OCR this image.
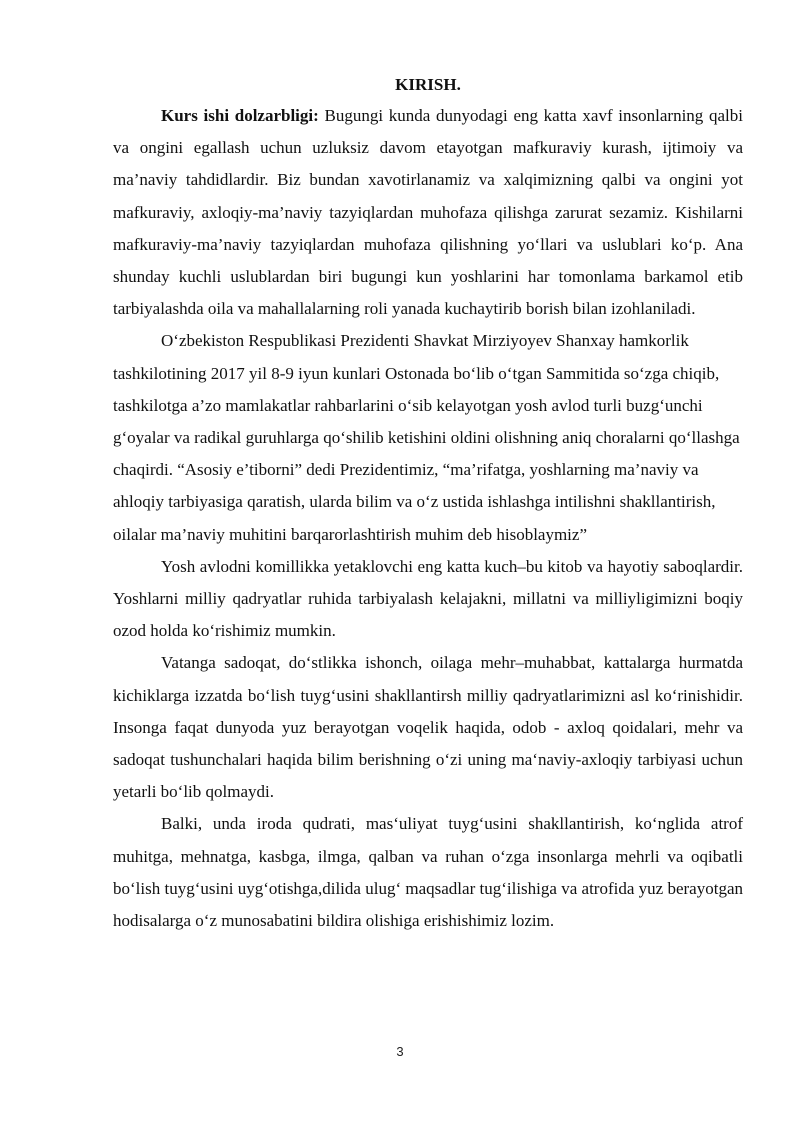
KIRISH.

Kurs ishi dolzarbligi: Bugungi kunda dunyodagi eng katta xavf insonlarning qalbi va ongini egallash uchun uzluksiz davom etayotgan mafkuraviy kurash, ijtimoiy va ma’naviy tahdidlardir. Biz bundan xavotirlanamiz va xalqimizning qalbi va ongini yot mafkuraviy, axloqiy-ma’naviy tazyiqlardan muhofaza qilishga zarurat sezamiz. Kishilarni mafkuraviy-ma’naviy tazyiqlardan muhofaza qilishning yo‘llari va uslublari ko‘p. Ana shunday kuchli uslublardan biri bugungi kun yoshlarini har tomonlama barkamol etib tarbiyalashda oila va mahallalarning roli yanada kuchaytirib borish bilan izohlaniladi.

O‘zbekiston Respublikasi Prezidenti Shavkat Mirziyoyev Shanxay hamkorlik tashkilotining 2017 yil 8-9 iyun kunlari Ostonada bo‘lib o‘tgan Sammitida so‘zga chiqib, tashkilotga a’zo mamlakatlar rahbarlarini o‘sib kelayotgan yosh avlod turli buzg‘unchi g‘oyalar va radikal guruhlarga qo‘shilib ketishini oldini olishning aniq choralarni qo‘llashga chaqirdi. “Asosiy e’tiborni” dedi Prezidentimiz, “ma’rifatga, yoshlarning ma’naviy va ahloqiy tarbiyasiga qaratish, ularda bilim va o‘z ustida ishlashga intilishni shakllantirish, oilalar ma’naviy muhitini barqarorlashtirish muhim deb hisoblaymiz”

Yosh avlodni komillikka yetaklovchi eng katta kuch–bu kitob va hayotiy saboqlardir. Yoshlarni milliy qadryatlar ruhida tarbiyalash kelajakni, millatni va milliyligimizni boqiy ozod holda ko‘rishimiz mumkin.

Vatanga sadoqat, do‘stlikka ishonch, oilaga mehr–muhabbat, kattalarga hurmatda kichiklarga izzatda bo‘lish tuyg‘usini shakllantirsh milliy qadryatlarimizni asl ko‘rinishidir. Insonga faqat dunyoda yuz berayotgan voqelik haqida, odob - axloq qoidalari, mehr va sadoqat tushunchalari haqida bilim berishning o‘zi uning ma‘naviy-axloqiy tarbiyasi uchun yetarli bo‘lib qolmaydi.

Balki, unda iroda qudrati, mas‘uliyat tuyg‘usini shakllantirish, ko‘nglida atrof muhitga, mehnatga, kasbga, ilmga, qalban va ruhan o‘zga insonlarga mehrli va oqibatli bo‘lish tuyg‘usini uyg‘otishga,dilida ulug‘ maqsadlar tug‘ilishiga va atrofida yuz berayotgan hodisalarga o‘z munosabatini bildira olishiga erishishimiz lozim.

3
